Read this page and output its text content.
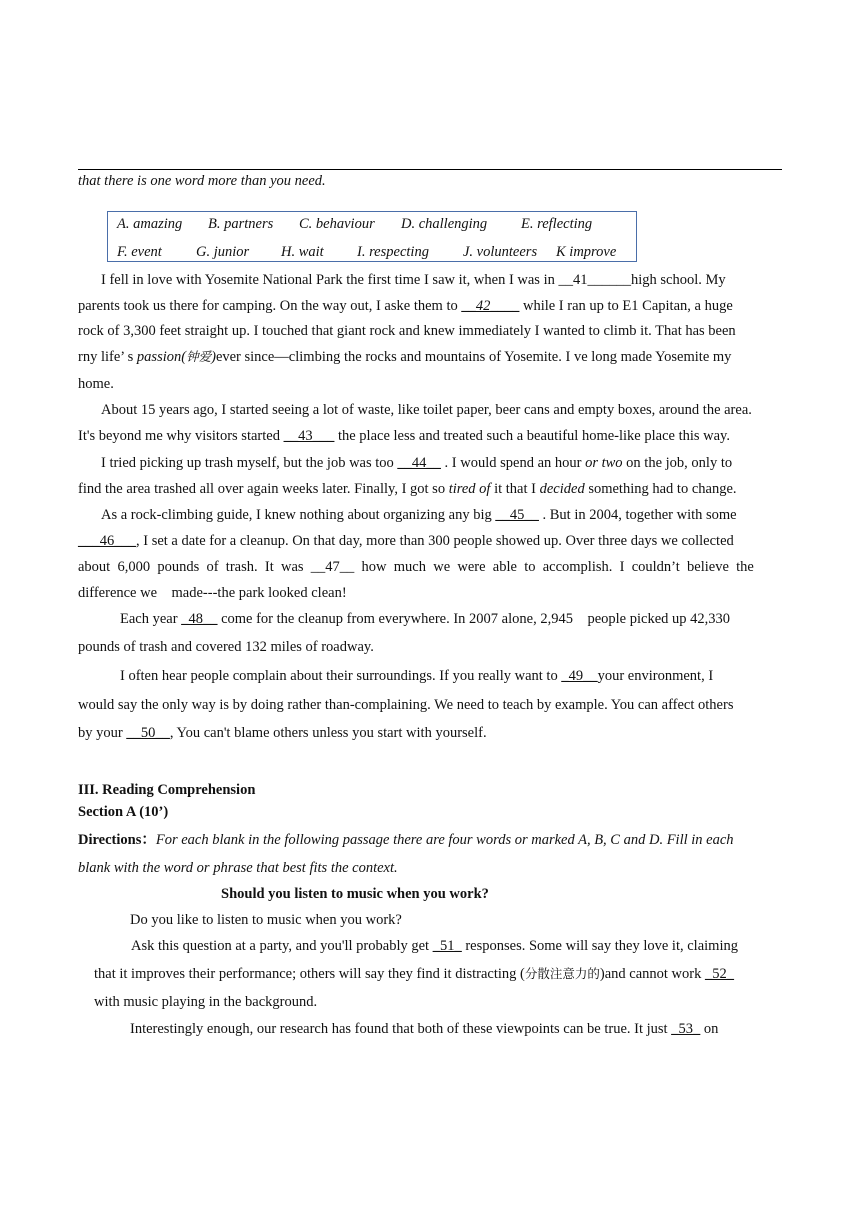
that there is one word more than you need.
A. amazing B. partners C. behaviour D. challenging E. reflecting
F. event G. junior H. wait I. respecting J. volunteers K improve
I fell in love with Yosemite National Park the first time I saw it, when I was in __41______high school. My
parents took us there for camping. On the way out, I aske them to __42____ while I ran up to E1 Capitan, a huge
rock of 3,300 feet straight up. I touched that giant rock and knew immediately I wanted to climb it. That has been
rny life’ s passion(钟爱)ever since—climbing the rocks and mountains of Yosemite. I ve long made Yosemite my
home.
About 15 years ago, I started seeing a lot of waste, like toilet paper, beer cans and empty boxes, around the area.
It's beyond me why visitors started __43___ the place less and treated such a beautiful home-like place this way.
I tried picking up trash myself, but the job was too __44__ . I would spend an hour or two on the job, only to
find the area trashed all over again weeks later. Finally, I got so tired of it that I decided something had to change.
As a rock-climbing guide, I knew nothing about organizing any big __45__ . But in 2004, together with some
___46___, I set a date for a cleanup. On that day, more than 300 people showed up. Over three days we collected
about  6,000  pounds  of  trash.  It  was  __47__  how  much  we  were  able  to  accomplish.  I  couldn’t  believe  the
difference we    made---the park looked clean!
Each year _48__ come for the cleanup from everywhere. In 2007 alone, 2,945    people picked up 42,330
pounds of trash and covered 132 miles of roadway.
I often hear people complain about their surroundings. If you really want to _49__your environment, I
would say the only way is by doing rather than-complaining. We need to teach by example. You can affect others
by your __50__, You can't blame others unless you start with yourself.
III. Reading Comprehension
Section A (10’)
Directions：For each blank in the following passage there are four words or marked A, B, C and D. Fill in each
blank with the word or phrase that best fits the context.
Should you listen to music when you work?
Do you like to listen to music when you work?
Ask this question at a party, and you'll probably get _51_ responses. Some will say they love it, claiming
that it improves their performance; others will say they find it distracting (分散注意力的)and cannot work _52_
with music playing in the background.
Interestingly enough, our research has found that both of these viewpoints can be true. It just _53_ on
